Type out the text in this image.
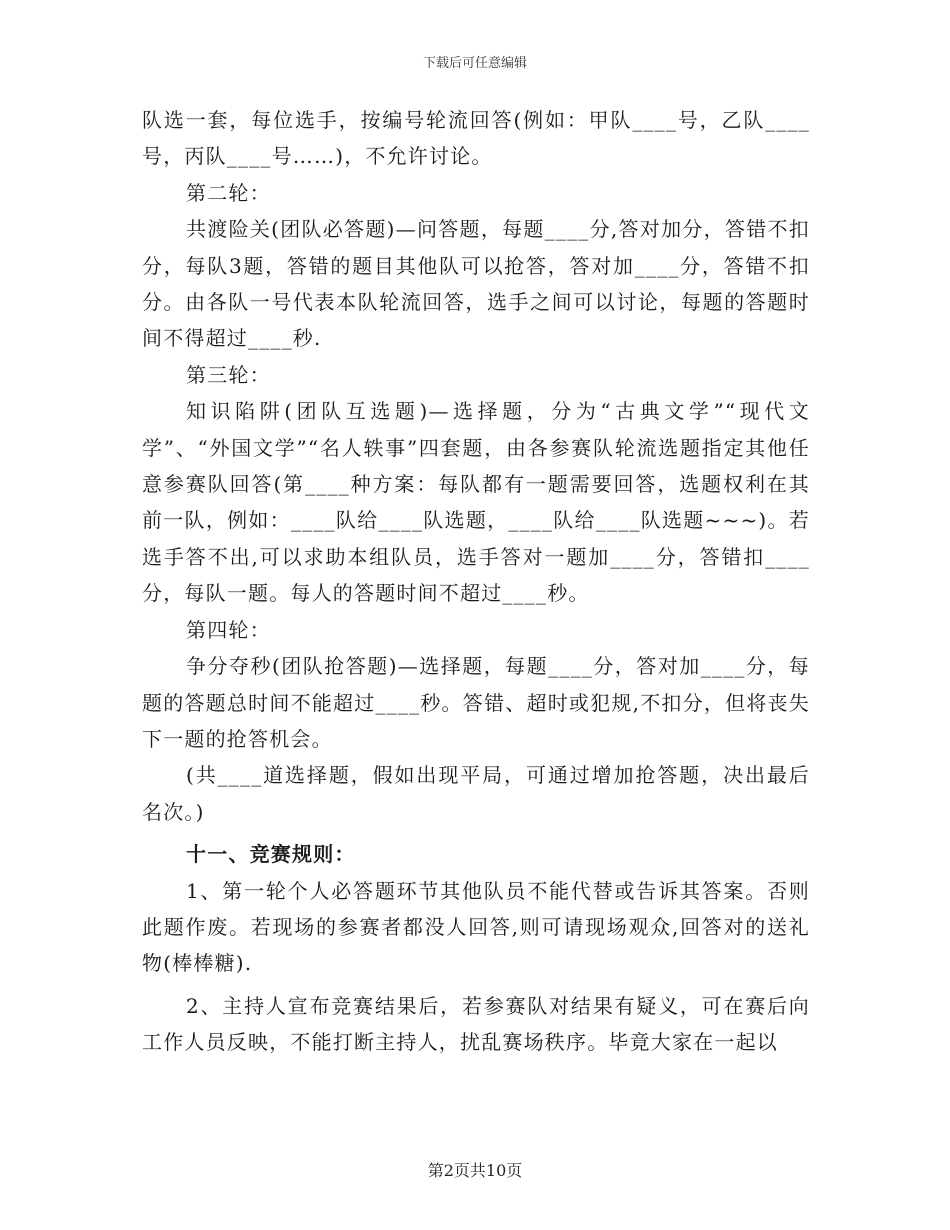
下载后可任意编辑

队选一套，每位选手，按编号轮流回答(例如：甲队____号，乙队____号，丙队____号……)，不允许讨论。

第二轮：

共渡险关(团队必答题)—问答题，每题____分,答对加分，答错不扣分，每队3题，答错的题目其他队可以抢答，答对加____分，答错不扣分。由各队一号代表本队轮流回答，选手之间可以讨论，每题的答题时间不得超过____秒.

第三轮：

知识陷阱(团队互选题)—选择题，分为“古典文学”“现代文学”、“外国文学”“名人轶事”四套题，由各参赛队轮流选题指定其他任意参赛队回答(第____种方案：每队都有一题需要回答，选题权利在其前一队，例如：____队给____队选题，____队给____队选题~~~)。若选手答不出,可以求助本组队员，选手答对一题加____分，答错扣____分，每队一题。每人的答题时间不超过____秒。

第四轮：

争分夺秒(团队抢答题)—选择题，每题____分，答对加____分，每题的答题总时间不能超过____秒。答错、超时或犯规,不扣分，但将丧失下一题的抢答机会。

(共____道选择题，假如出现平局，可通过增加抢答题，决出最后名次。)

十一、竞赛规则：

1、第一轮个人必答题环节其他队员不能代替或告诉其答案。否则此题作废。若现场的参赛者都没人回答,则可请现场观众,回答对的送礼物(棒棒糖).

2、主持人宣布竞赛结果后，若参赛队对结果有疑义，可在赛后向工作人员反映，不能打断主持人，扰乱赛场秩序。毕竟大家在一起以

第2页共10页
